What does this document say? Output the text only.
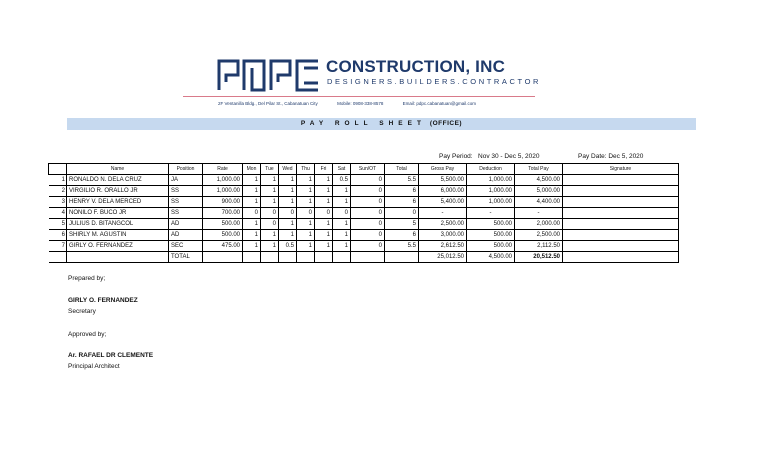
CONSTRUCTION, INC
DESIGNERS.BUILDERS.CONTRACTOR
2F Ventanilla Bldg., Del Pilar St., Cabanatuan City	Mobile: 0908-338-8578	Email: pdpc.cabanatuan@gmail.com
PAY ROLL SHEET (OFFICE)
Pay Period: Nov 30 - Dec 5, 2020	Pay Date: Dec 5, 2020
	Name	Position	Rate	Mon	Tue	Wed	Thu	Fri	Sat	Sun/OT	Total	Gross Pay	Deduction	Total Pay	Signature
1	RONALDO N. DELA CRUZ	JA	1,000.00	1	1	1	1	1	0.5	0	5.5	5,500.00	1,000.00	4,500.00	
2	VIRGILIO R. ORALLO JR	SS	1,000.00	1	1	1	1	1	1	0	6	6,000.00	1,000.00	5,000.00	
3	HENRY V. DELA MERCED	SS	900.00	1	1	1	1	1	1	0	6	5,400.00	1,000.00	4,400.00	
4	NONILO F. BUCO JR	SS	700.00	0	0	0	0	0	0	0	0	-	-	-	
5	JULIUS D. BITANGCOL	AD	500.00	1	0	1	1	1	1	0	5	2,500.00	500.00	2,000.00	
6	SHIRLY M. AGUSTIN	AD	500.00	1	1	1	1	1	1	0	6	3,000.00	500.00	2,500.00	
7	GIRLY O. FERNANDEZ	SEC	475.00	1	1	0.5	1	1	1	0	5.5	2,612.50	500.00	2,112.50	
		TOTAL										25,012.50	4,500.00	20,512.50	
Prepared by;
GIRLY O. FERNANDEZ
Secretary
Approved by;
Ar. RAFAEL DR CLEMENTE
Principal Architect
